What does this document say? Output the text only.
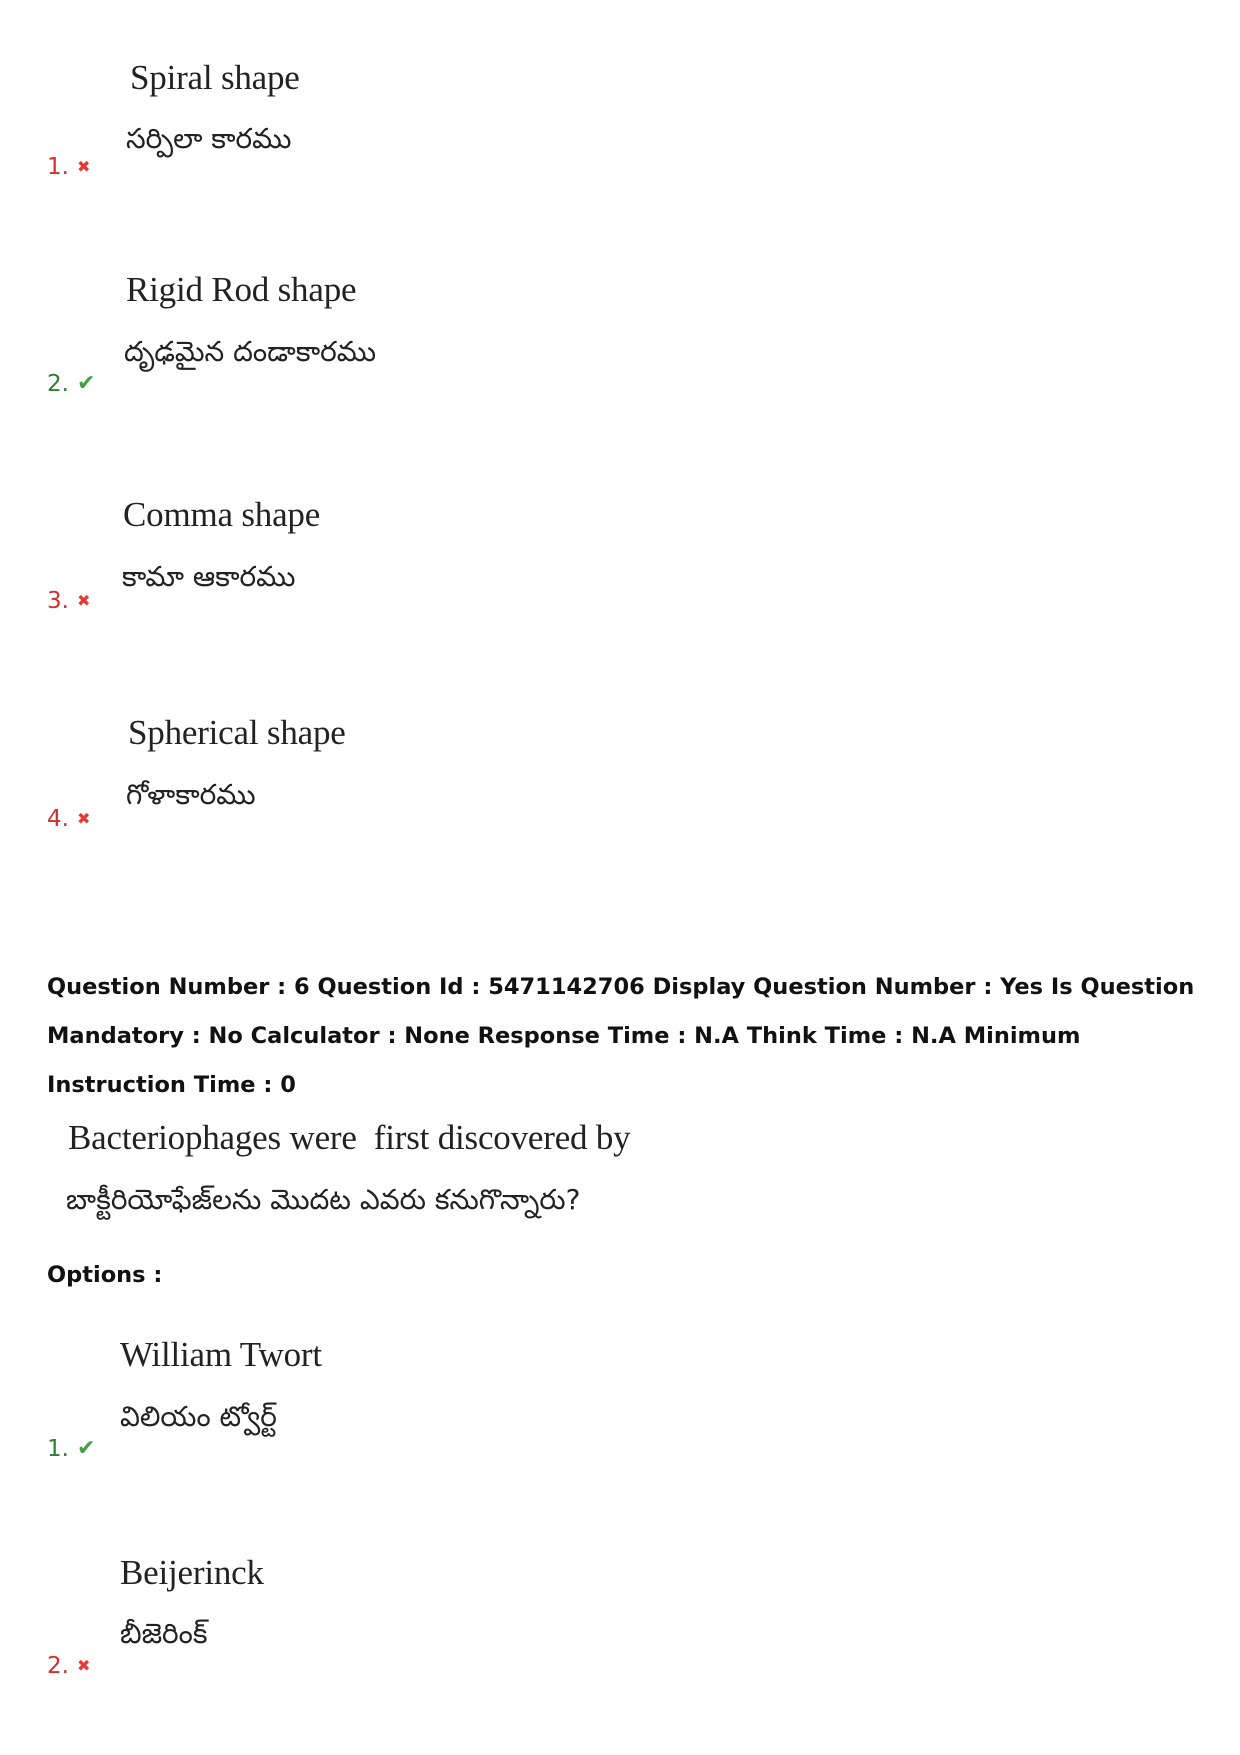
Spiral shape
సర్పిలా కారము
1. ✖
Rigid Rod shape
దృఢమైన దండాకారము
2. ✔
Comma shape
కామా ఆకారము
3. ✖
Spherical shape
గోళాకారము
4. ✖
Question Number : 6 Question Id : 5471142706 Display Question Number : Yes Is Question Mandatory : No Calculator : None Response Time : N.A Think Time : N.A Minimum Instruction Time : 0
Bacteriophages were  first discovered by
బాక్టీరియోఫేజ్‌లను మొదట ఎవరు కనుగొన్నారు?
Options :
William Twort
విలియం ట్వోర్ట్
1. ✔
Beijerinck
బీజెరింక్
2. ✖
